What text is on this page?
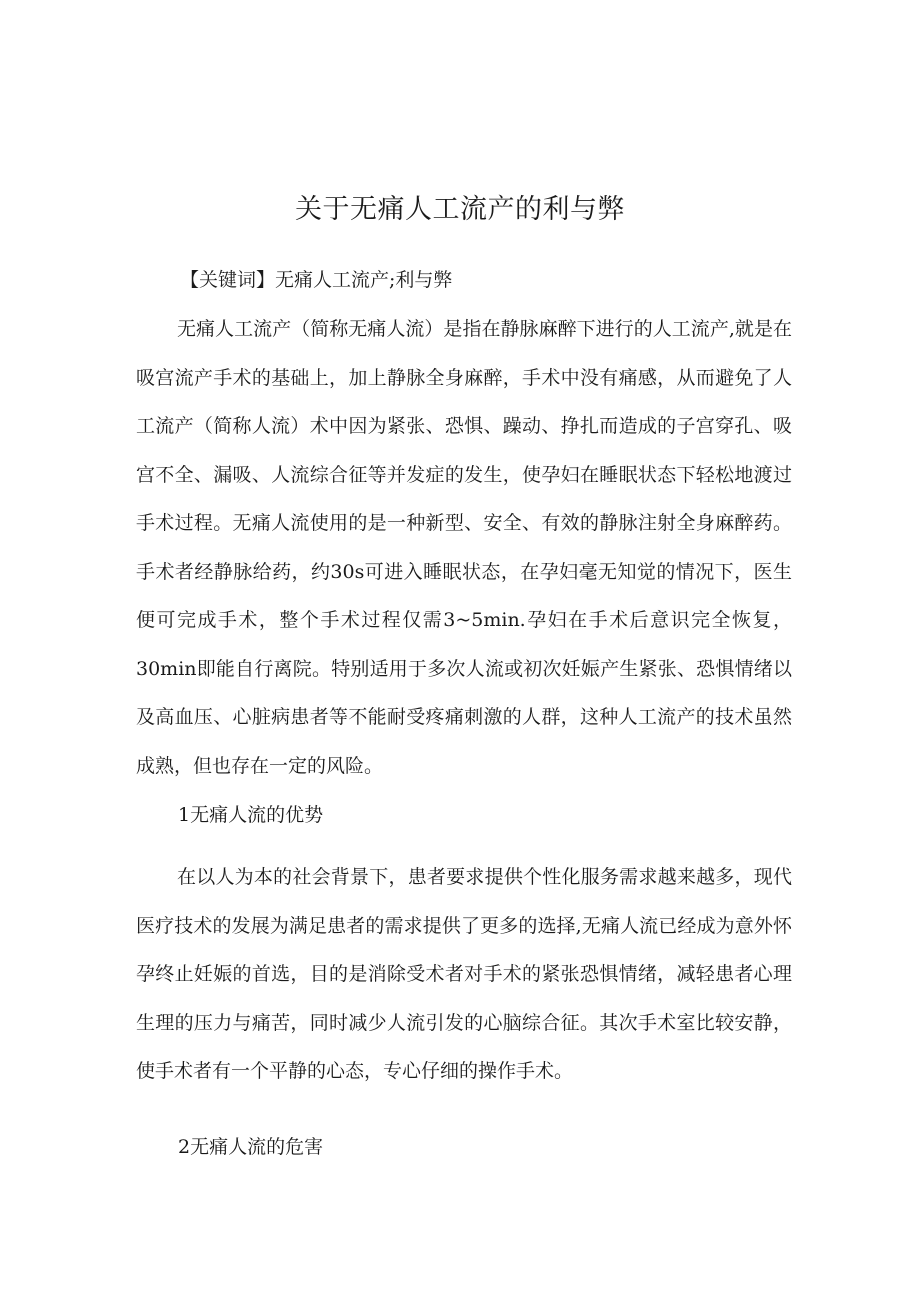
关于无痛人工流产的利与弊

【关键词】无痛人工流产;利与弊

无痛人工流产（简称无痛人流）是指在静脉麻醉下进行的人工流产,就是在吸宫流产手术的基础上，加上静脉全身麻醉，手术中没有痛感，从而避免了人工流产（简称人流）术中因为紧张、恐惧、躁动、挣扎而造成的子宫穿孔、吸宫不全、漏吸、人流综合征等并发症的发生，使孕妇在睡眠状态下轻松地渡过手术过程。无痛人流使用的是一种新型、安全、有效的静脉注射全身麻醉药。手术者经静脉给药，约30s可进入睡眠状态，在孕妇毫无知觉的情况下，医生便可完成手术，整个手术过程仅需3~5min.孕妇在手术后意识完全恢复，30min即能自行离院。特别适用于多次人流或初次妊娠产生紧张、恐惧情绪以及高血压、心脏病患者等不能耐受疼痛刺激的人群，这种人工流产的技术虽然成熟，但也存在一定的风险。

1无痛人流的优势

在以人为本的社会背景下，患者要求提供个性化服务需求越来越多，现代医疗技术的发展为满足患者的需求提供了更多的选择,无痛人流已经成为意外怀孕终止妊娠的首选，目的是消除受术者对手术的紧张恐惧情绪，减轻患者心理生理的压力与痛苦，同时减少人流引发的心脑综合征。其次手术室比较安静，使手术者有一个平静的心态，专心仔细的操作手术。

2无痛人流的危害
